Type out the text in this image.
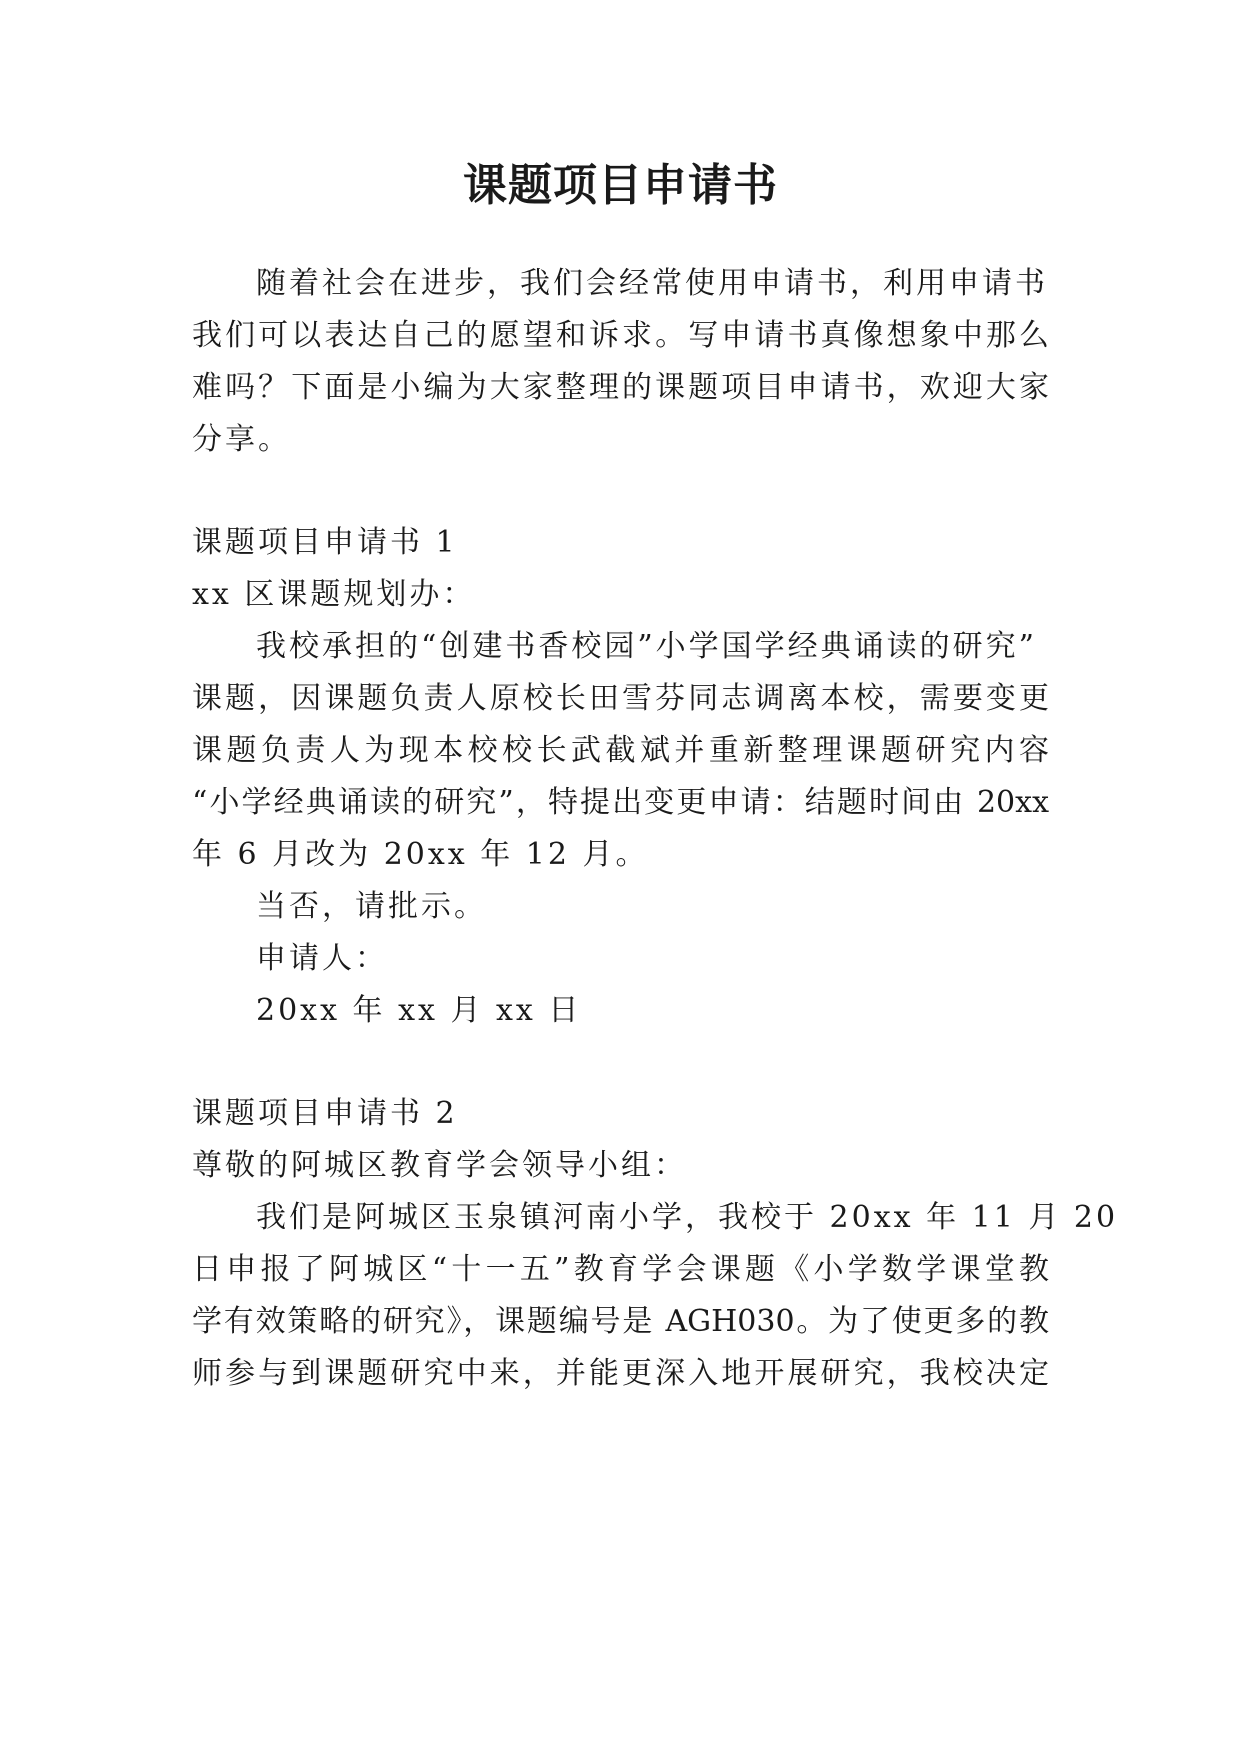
课题项目申请书
随着社会在进步，我们会经常使用申请书，利用申请书
我们可以表达自己的愿望和诉求。写申请书真像想象中那么
难吗？下面是小编为大家整理的课题项目申请书，欢迎大家
分享。
课题项目申请书 1
xx 区课题规划办：
我校承担的“创建书香校园”小学国学经典诵读的研究”
课题，因课题负责人原校长田雪芬同志调离本校，需要变更
课题负责人为现本校校长武截斌并重新整理课题研究内容
“小学经典诵读的研究”，特提出变更申请：结题时间由 20xx
年 6 月改为 20xx 年 12 月。
当否，请批示。
申请人：
20xx 年 xx 月 xx 日
课题项目申请书 2
尊敬的阿城区教育学会领导小组：
我们是阿城区玉泉镇河南小学，我校于 20xx 年 11 月 20
日申报了阿城区“十一五”教育学会课题《小学数学课堂教
学有效策略的研究》，课题编号是 AGH030。为了使更多的教
师参与到课题研究中来，并能更深入地开展研究，我校决定
